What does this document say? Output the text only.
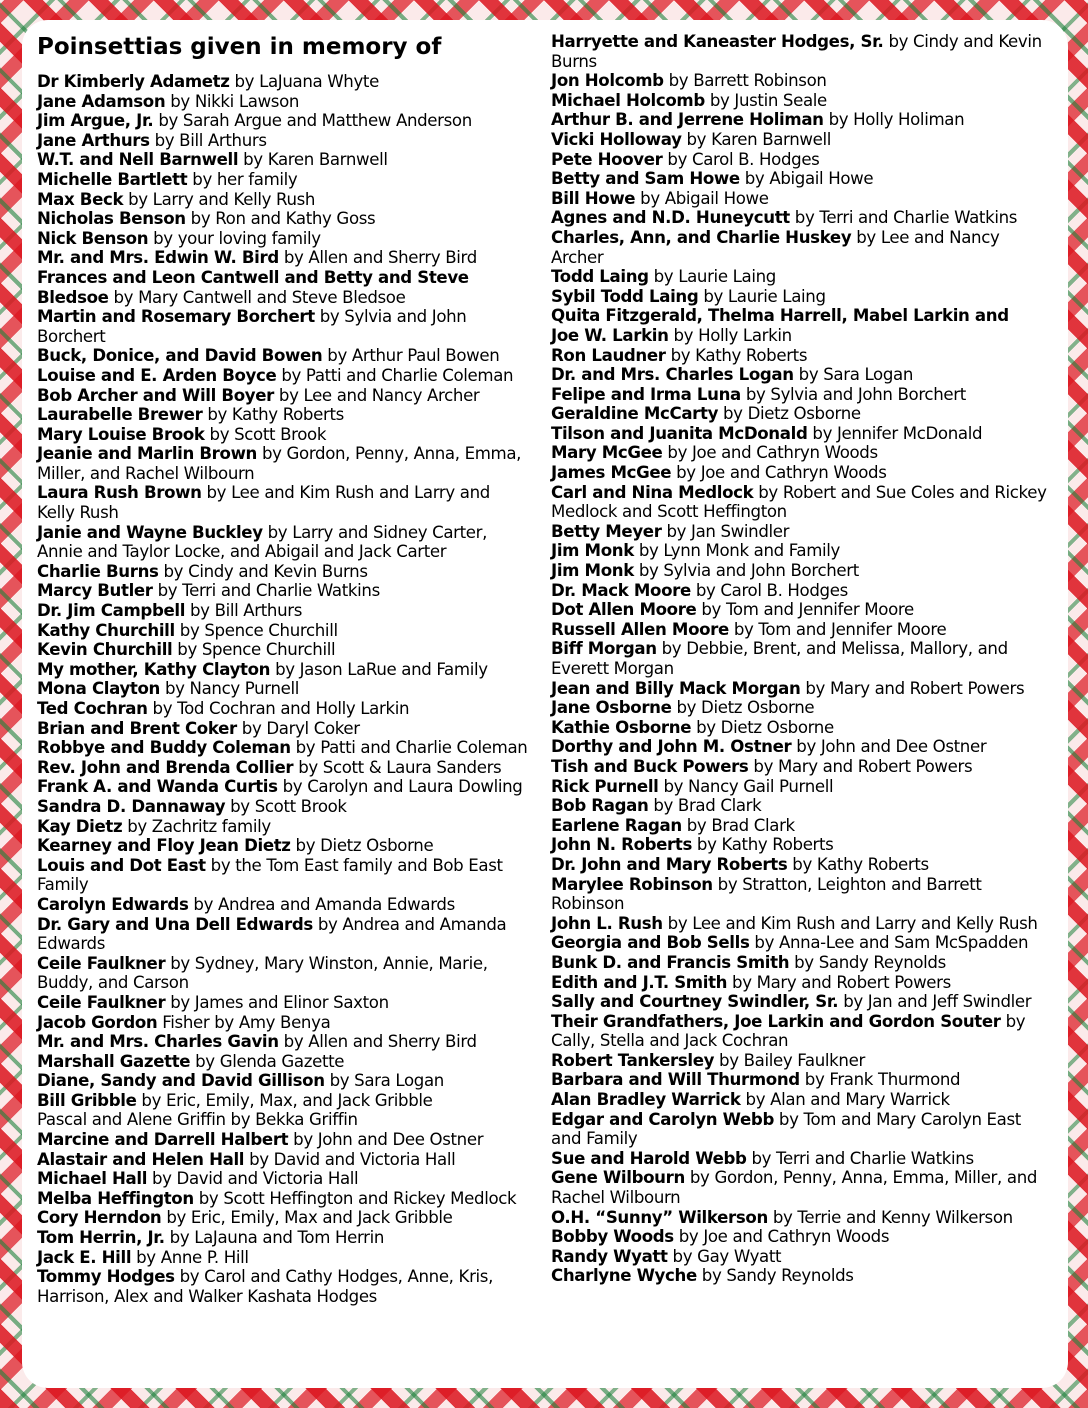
Poinsettias given in memory of
Dr Kimberly Adametz by LaJuana Whyte
Jane Adamson by Nikki Lawson
Jim Argue, Jr. by Sarah Argue and Matthew Anderson
Jane Arthurs by Bill Arthurs
W.T. and Nell Barnwell by Karen Barnwell
Michelle Bartlett by her family
Max Beck by Larry and Kelly Rush
Nicholas Benson by Ron and Kathy Goss
Nick Benson by your loving family
Mr. and Mrs. Edwin W. Bird by Allen and Sherry Bird
Frances and Leon Cantwell and Betty and Steve
Bledsoe by Mary Cantwell and Steve Bledsoe
Martin and Rosemary Borchert by Sylvia and John Borchert
Buck, Donice, and David Bowen by Arthur Paul Bowen
Louise and E. Arden Boyce by Patti and Charlie Coleman
Bob Archer and Will Boyer by Lee and Nancy Archer
Laurabelle Brewer by Kathy Roberts
Mary Louise Brook by Scott Brook
Jeanie and Marlin Brown by Gordon, Penny, Anna, Emma, Miller, and Rachel Wilbourn
Laura Rush Brown by Lee and Kim Rush and Larry and Kelly Rush
Janie and Wayne Buckley by Larry and Sidney Carter, Annie and Taylor Locke, and Abigail and Jack Carter
Charlie Burns by Cindy and Kevin Burns
Marcy Butler by Terri and Charlie Watkins
Dr. Jim Campbell by Bill Arthurs
Kathy Churchill by Spence Churchill
Kevin Churchill by Spence Churchill
My mother, Kathy Clayton by Jason LaRue and Family
Mona Clayton by Nancy Purnell
Ted Cochran by Tod Cochran and Holly Larkin
Brian and Brent Coker by Daryl Coker
Robbye and Buddy Coleman by Patti and Charlie Coleman
Rev. John and Brenda Collier by Scott & Laura Sanders
Frank A. and Wanda Curtis by Carolyn and Laura Dowling
Sandra D. Dannaway by Scott Brook
Kay Dietz by Zachritz family
Kearney and Floy Jean Dietz by Dietz Osborne
Louis and Dot East by the Tom East family and Bob East Family
Carolyn Edwards by Andrea and Amanda Edwards
Dr. Gary and Una Dell Edwards by Andrea and Amanda Edwards
Ceile Faulkner by Sydney, Mary Winston, Annie, Marie, Buddy, and Carson
Ceile Faulkner by James and Elinor Saxton
Jacob Gordon Fisher by Amy Benya
Mr. and Mrs. Charles Gavin by Allen and Sherry Bird
Marshall Gazette by Glenda Gazette
Diane, Sandy and David Gillison by Sara Logan
Bill Gribble by Eric, Emily, Max, and Jack Gribble
Pascal and Alene Griffin by Bekka Griffin
Marcine and Darrell Halbert by John and Dee Ostner
Alastair and Helen Hall by David and Victoria Hall
Michael Hall by David and Victoria Hall
Melba Heffington by Scott Heffington and Rickey Medlock
Cory Herndon by Eric, Emily, Max and Jack Gribble
Tom Herrin, Jr. by LaJauna and Tom Herrin
Jack E. Hill by Anne P. Hill
Tommy Hodges by Carol and Cathy Hodges, Anne, Kris, Harrison, Alex and Walker Kashata Hodges
Harryette and Kaneaster Hodges, Sr. by Cindy and Kevin Burns
Jon Holcomb by Barrett Robinson
Michael Holcomb by Justin Seale
Arthur B. and Jerrene Holiman by Holly Holiman
Vicki Holloway by Karen Barnwell
Pete Hoover by Carol B. Hodges
Betty and Sam Howe by Abigail Howe
Bill Howe by Abigail Howe
Agnes and N.D. Huneycutt by Terri and Charlie Watkins
Charles, Ann, and Charlie Huskey by Lee and Nancy Archer
Todd Laing by Laurie Laing
Sybil Todd Laing by Laurie Laing
Quita Fitzgerald, Thelma Harrell, Mabel Larkin and
Joe W. Larkin by Holly Larkin
Ron Laudner by Kathy Roberts
Dr. and Mrs. Charles Logan by Sara Logan
Felipe and Irma Luna by Sylvia and John Borchert
Geraldine McCarty by Dietz Osborne
Tilson and Juanita McDonald by Jennifer McDonald
Mary McGee by Joe and Cathryn Woods
James McGee by Joe and Cathryn Woods
Carl and Nina Medlock by Robert and Sue Coles and Rickey Medlock and Scott Heffington
Betty Meyer by Jan Swindler
Jim Monk by Lynn Monk and Family
Jim Monk by Sylvia and John Borchert
Dr. Mack Moore by Carol B. Hodges
Dot Allen Moore by Tom and Jennifer Moore
Russell Allen Moore by Tom and Jennifer Moore
Biff Morgan by Debbie, Brent, and Melissa, Mallory, and Everett Morgan
Jean and Billy Mack Morgan by Mary and Robert Powers
Jane Osborne by Dietz Osborne
Kathie Osborne by Dietz Osborne
Dorthy and John M. Ostner by John and Dee Ostner
Tish and Buck Powers by Mary and Robert Powers
Rick Purnell by Nancy Gail Purnell
Bob Ragan by Brad Clark
Earlene Ragan by Brad Clark
John N. Roberts by Kathy Roberts
Dr. John and Mary Roberts by Kathy Roberts
Marylee Robinson by Stratton, Leighton and Barrett Robinson
John L. Rush by Lee and Kim Rush and Larry and Kelly Rush
Georgia and Bob Sells by Anna-Lee and Sam McSpadden
Bunk D. and Francis Smith by Sandy Reynolds
Edith and J.T. Smith by Mary and Robert Powers
Sally and Courtney Swindler, Sr. by Jan and Jeff Swindler
Their Grandfathers, Joe Larkin and Gordon Souter by Cally, Stella and Jack Cochran
Robert Tankersley by Bailey Faulkner
Barbara and Will Thurmond by Frank Thurmond
Alan Bradley Warrick by Alan and Mary Warrick
Edgar and Carolyn Webb by Tom and Mary Carolyn East and Family
Sue and Harold Webb by Terri and Charlie Watkins
Gene Wilbourn by Gordon, Penny, Anna, Emma, Miller, and Rachel Wilbourn
O.H. “Sunny” Wilkerson by Terrie and Kenny Wilkerson
Bobby Woods by Joe and Cathryn Woods
Randy Wyatt by Gay Wyatt
Charlyne Wyche by Sandy Reynolds
